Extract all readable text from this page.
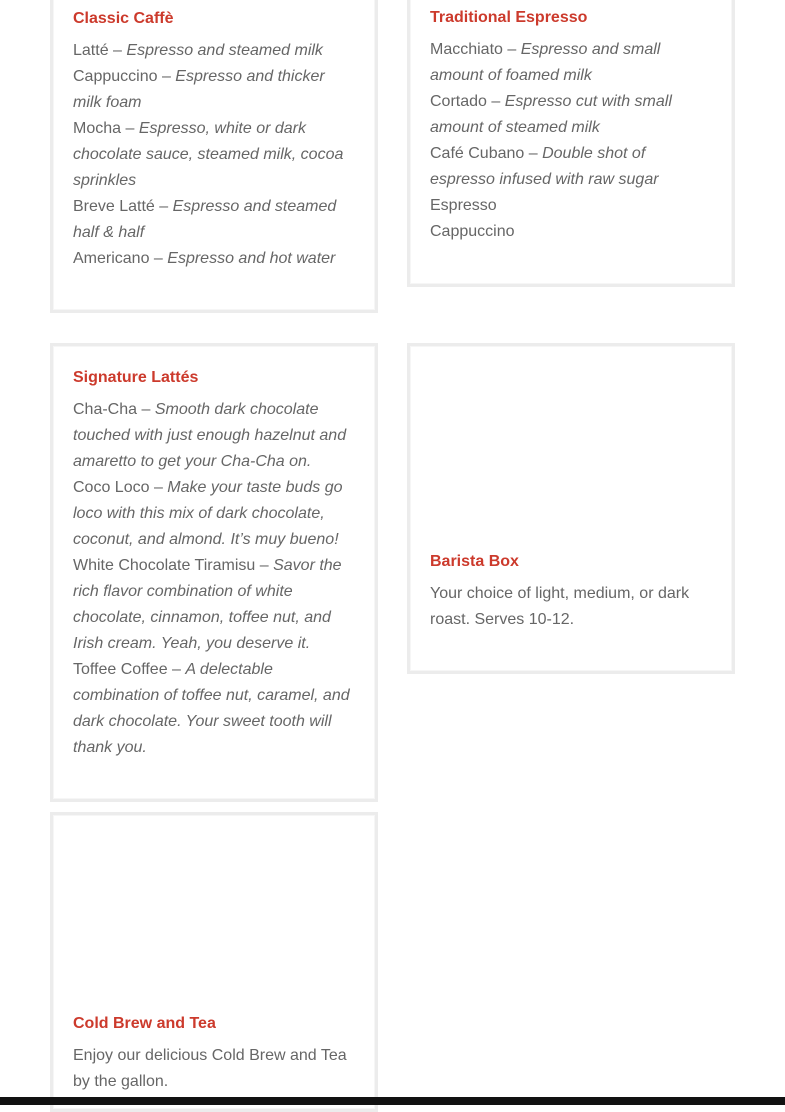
Classic Caffè
Latté – Espresso and steamed milk
Cappuccino – Espresso and thicker milk foam
Mocha – Espresso, white or dark chocolate sauce, steamed milk, cocoa sprinkles
Breve Latté – Espresso and steamed half & half
Americano – Espresso and hot water
Traditional Espresso
Macchiato – Espresso and small amount of foamed milk
Cortado – Espresso cut with small amount of steamed milk
Café Cubano – Double shot of espresso infused with raw sugar
Espresso
Cappuccino
Signature Lattés
Cha-Cha – Smooth dark chocolate touched with just enough hazelnut and amaretto to get your Cha-Cha on.
Coco Loco – Make your taste buds go loco with this mix of dark chocolate, coconut, and almond. It’s muy bueno!
White Chocolate Tiramisu – Savor the rich flavor combination of white chocolate, cinnamon, toffee nut, and Irish cream. Yeah, you deserve it.
Toffee Coffee – A delectable combination of toffee nut, caramel, and dark chocolate. Your sweet tooth will thank you.
Barista Box
Your choice of light, medium, or dark roast. Serves 10-12.
Cold Brew and Tea
Enjoy our delicious Cold Brew and Tea by the gallon.
